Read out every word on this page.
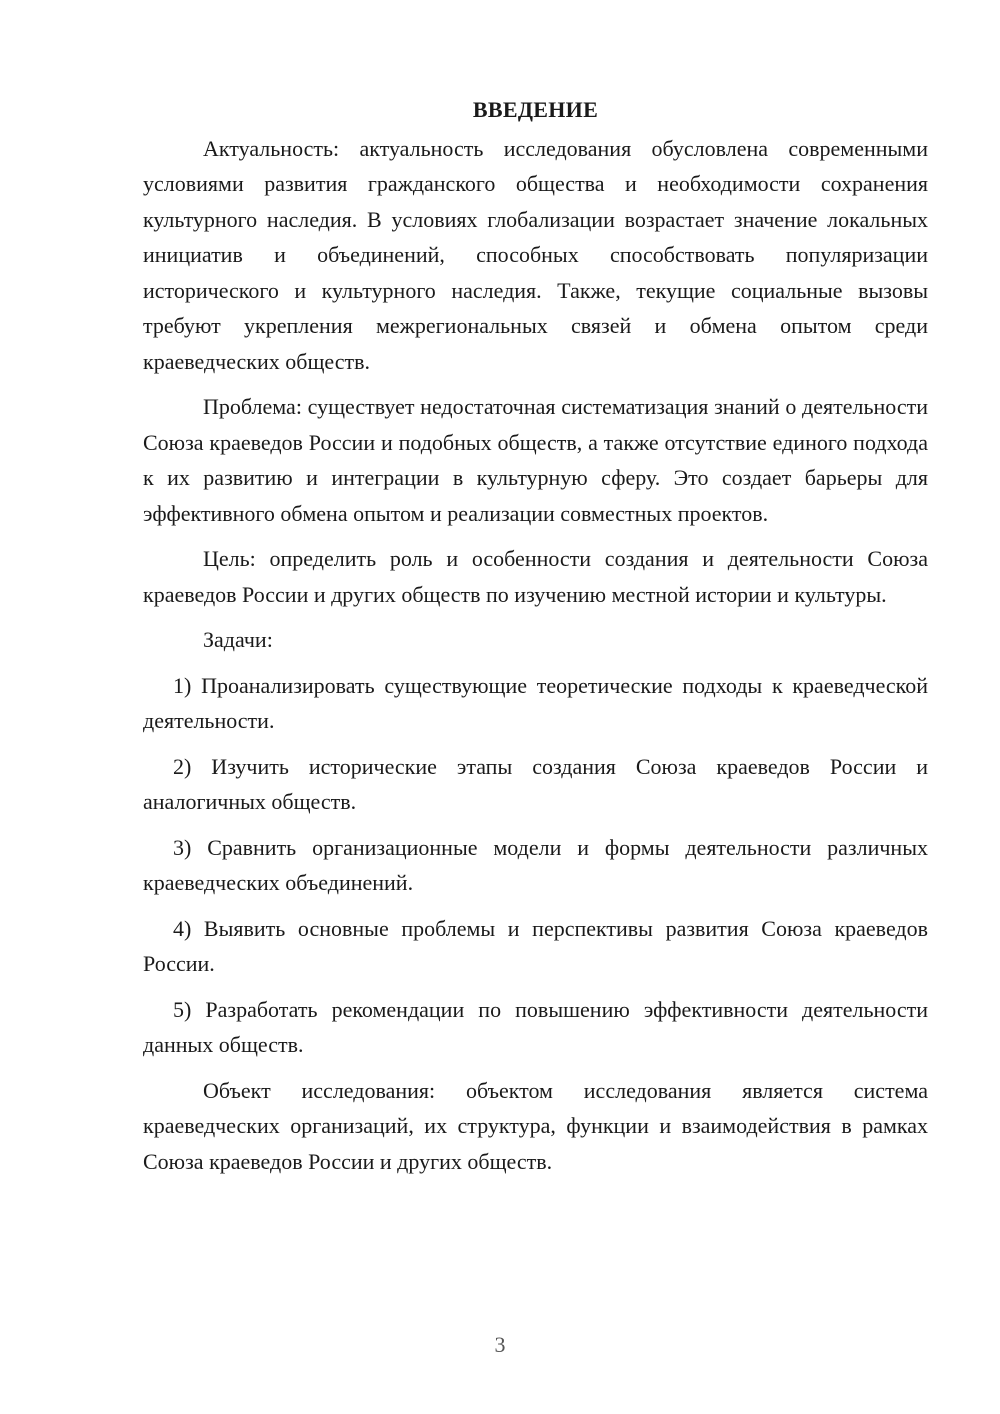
ВВЕДЕНИЕ

Актуальность: актуальность исследования обусловлена современными условиями развития гражданского общества и необходимости сохранения культурного наследия. В условиях глобализации возрастает значение локальных инициатив и объединений, способных способствовать популяризации исторического и культурного наследия. Также, текущие социальные вызовы требуют укрепления межрегиональных связей и обмена опытом среди краеведческих обществ.

Проблема: существует недостаточная систематизация знаний о деятельности Союза краеведов России и подобных обществ, а также отсутствие единого подхода к их развитию и интеграции в культурную сферу. Это создает барьеры для эффективного обмена опытом и реализации совместных проектов.

Цель: определить роль и особенности создания и деятельности Союза краеведов России и других обществ по изучению местной истории и культуры.

Задачи:

1) Проанализировать существующие теоретические подходы к краеведческой деятельности.

2) Изучить исторические этапы создания Союза краеведов России и аналогичных обществ.

3) Сравнить организационные модели и формы деятельности различных краеведческих объединений.

4) Выявить основные проблемы и перспективы развития Союза краеведов России.

5) Разработать рекомендации по повышению эффективности деятельности данных обществ.

Объект исследования: объектом исследования является система краеведческих организаций, их структура, функции и взаимодействия в рамках Союза краеведов России и других обществ.

3
